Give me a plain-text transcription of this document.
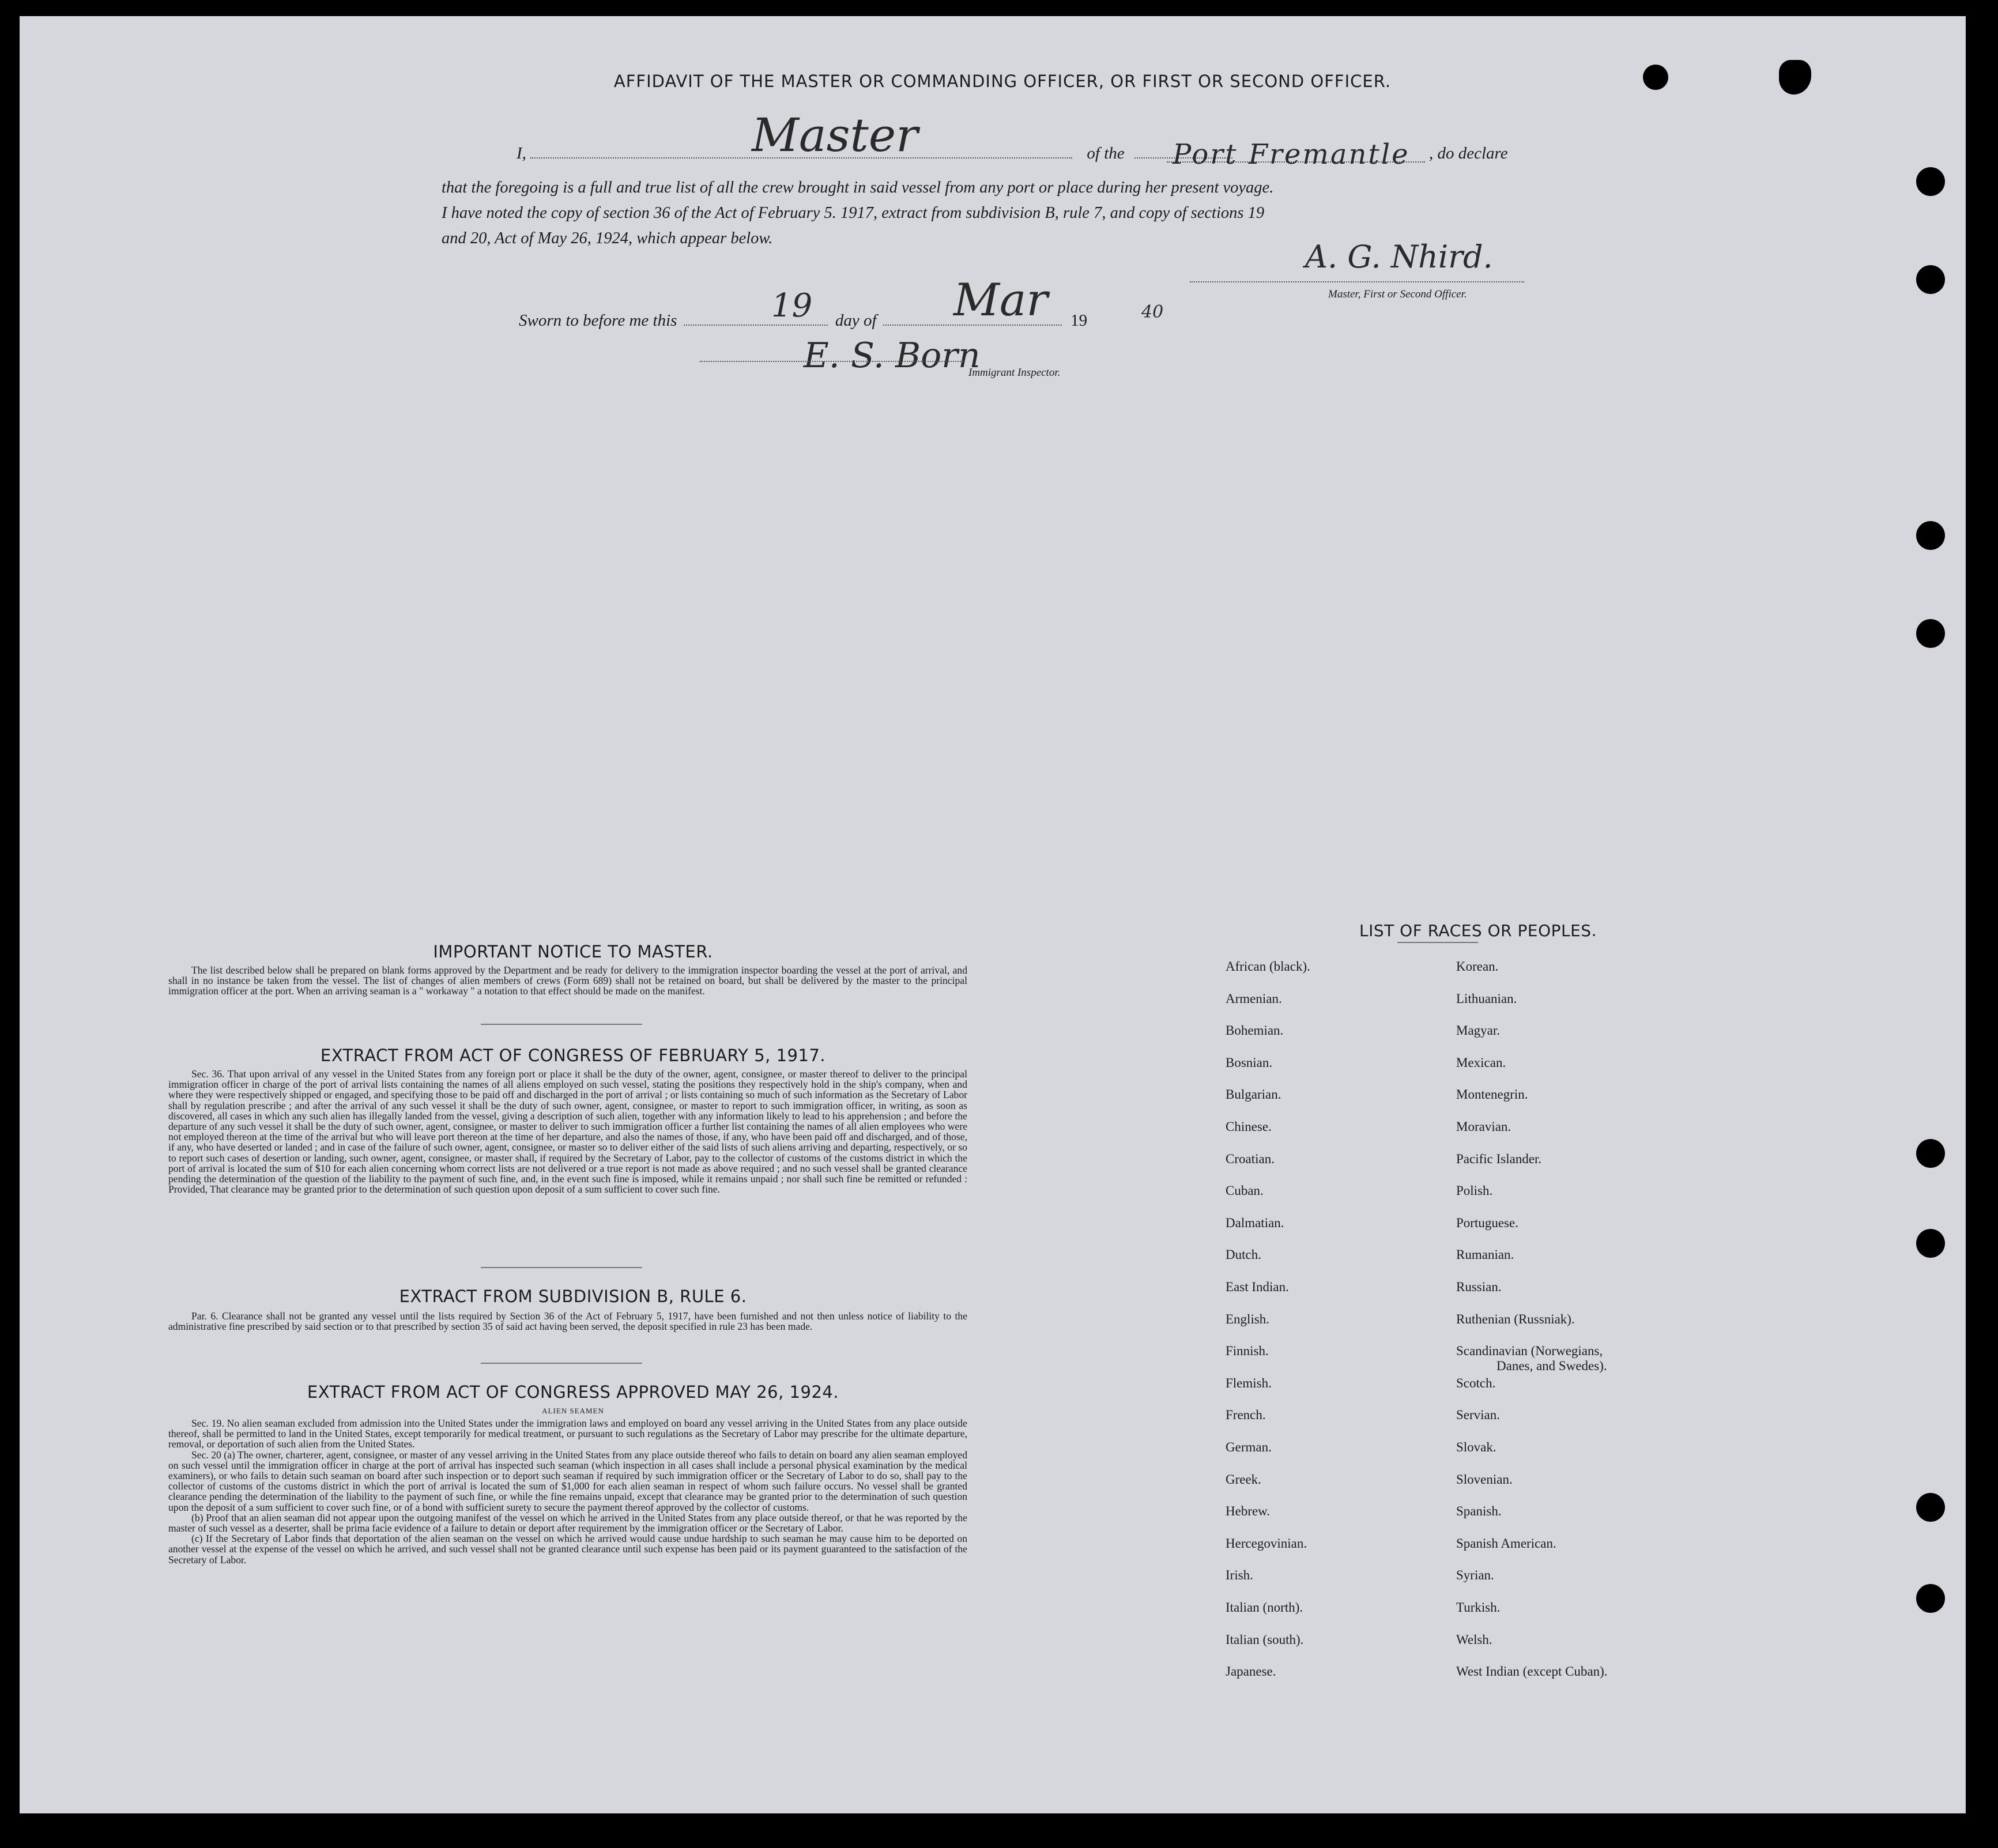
AFFIDAVIT OF THE MASTER OR COMMANDING OFFICER, OR FIRST OR SECOND OFFICER.
I,	of the	, do declare
Master	Port Fremantle
that the foregoing is a full and true list of all the crew brought in said vessel from any port or place during her present voyage.
I have noted the copy of section 36 of the Act of February 5. 1917, extract from subdivision B, rule 7, and copy of sections 19
and 20, Act of May 26, 1924, which appear below.
A. G. Nhird.
Master, First or Second Officer.
Sworn to before me this	day of	19
19	Mar	40
E. S. Born
Immigrant Inspector.
IMPORTANT NOTICE TO MASTER.

The list described below shall be prepared on blank forms approved by the Department and be ready for delivery to the immigration inspector boarding the vessel at the port of arrival, and shall in no instance be taken from the vessel. The list of changes of alien members of crews (Form 689) shall not be retained on board, but shall be delivered by the master to the principal immigration officer at the port. When an arriving seaman is a " workaway " a notation to that effect should be made on the manifest.

EXTRACT FROM ACT OF CONGRESS OF FEBRUARY 5, 1917.

Sec. 36. That upon arrival of any vessel in the United States from any foreign port or place it shall be the duty of the owner, agent, consignee, or master thereof to deliver to the principal immigration officer in charge of the port of arrival lists containing the names of all aliens employed on such vessel, stating the positions they respectively hold in the ship's company, when and where they were respectively shipped or engaged, and specifying those to be paid off and discharged in the port of arrival ; or lists containing so much of such information as the Secretary of Labor shall by regulation prescribe ; and after the arrival of any such vessel it shall be the duty of such owner, agent, consignee, or master to report to such immigration officer, in writing, as soon as discovered, all cases in which any such alien has illegally landed from the vessel, giving a description of such alien, together with any information likely to lead to his apprehension ; and before the departure of any such vessel it shall be the duty of such owner, agent, consignee, or master to deliver to such immigration officer a further list containing the names of all alien employees who were not employed thereon at the time of the arrival but who will leave port thereon at the time of her departure, and also the names of those, if any, who have been paid off and discharged, and of those, if any, who have deserted or landed ; and in case of the failure of such owner, agent, consignee, or master so to deliver either of the said lists of such aliens arriving and departing, respectively, or so to report such cases of desertion or landing, such owner, agent, consignee, or master shall, if required by the Secretary of Labor, pay to the collector of customs of the customs district in which the port of arrival is located the sum of $10 for each alien concerning whom correct lists are not delivered or a true report is not made as above required ; and no such vessel shall be granted clearance pending the determination of the question of the liability to the payment of such fine, and, in the event such fine is imposed, while it remains unpaid ; nor shall such fine be remitted or refunded : Provided, That clearance may be granted prior to the determination of such question upon deposit of a sum sufficient to cover such fine.

EXTRACT FROM SUBDIVISION B, RULE 6.

Par. 6. Clearance shall not be granted any vessel until the lists required by Section 36 of the Act of February 5, 1917, have been furnished and not then unless notice of liability to the administrative fine prescribed by said section or to that prescribed by section 35 of said act having been served, the deposit specified in rule 23 has been made.

EXTRACT FROM ACT OF CONGRESS APPROVED MAY 26, 1924.
ALIEN SEAMEN

Sec. 19. No alien seaman excluded from admission into the United States under the immigration laws and employed on board any vessel arriving in the United States from any place outside thereof, shall be permitted to land in the United States, except temporarily for medical treatment, or pursuant to such regulations as the Secretary of Labor may prescribe for the ultimate departure, removal, or deportation of such alien from the United States.

Sec. 20 (a) The owner, charterer, agent, consignee, or master of any vessel arriving in the United States from any place outside thereof who fails to detain on board any alien seaman employed on such vessel until the immigration officer in charge at the port of arrival has inspected such seaman (which inspection in all cases shall include a personal physical examination by the medical examiners), or who fails to detain such seaman on board after such inspection or to deport such seaman if required by such immigration officer or the Secretary of Labor to do so, shall pay to the collector of customs of the customs district in which the port of arrival is located the sum of $1,000 for each alien seaman in respect of whom such failure occurs. No vessel shall be granted clearance pending the determination of the liability to the payment of such fine, or while the fine remains unpaid, except that clearance may be granted prior to the determination of such question upon the deposit of a sum sufficient to cover such fine, or of a bond with sufficient surety to secure the payment thereof approved by the collector of customs.

(b) Proof that an alien seaman did not appear upon the outgoing manifest of the vessel on which he arrived in the United States from any place outside thereof, or that he was reported by the master of such vessel as a deserter, shall be prima facie evidence of a failure to detain or deport after requirement by the immigration officer or the Secretary of Labor.

(c) If the Secretary of Labor finds that deportation of the alien seaman on the vessel on which he arrived would cause undue hardship to such seaman he may cause him to be deported on another vessel at the expense of the vessel on which he arrived, and such vessel shall not be granted clearance until such expense has been paid or its payment guaranteed to the satisfaction of the Secretary of Labor.

LIST OF RACES OR PEOPLES.
African (black).
Armenian.
Bohemian.
Bosnian.
Bulgarian.
Chinese.
Croatian.
Cuban.
Dalmatian.
Dutch.
East Indian.
English.
Finnish.
Flemish.
French.
German.
Greek.
Hebrew.
Hercegovinian.
Irish.
Italian (north).
Italian (south).
Japanese.
Korean.
Lithuanian.
Magyar.
Mexican.
Montenegrin.
Moravian.
Pacific Islander.
Polish.
Portuguese.
Rumanian.
Russian.
Ruthenian (Russniak).
Scandinavian (Norwegians,
Danes, and Swedes).
Scotch.
Servian.
Slovak.
Slovenian.
Spanish.
Spanish American.
Syrian.
Turkish.
Welsh.
West Indian (except Cuban).
